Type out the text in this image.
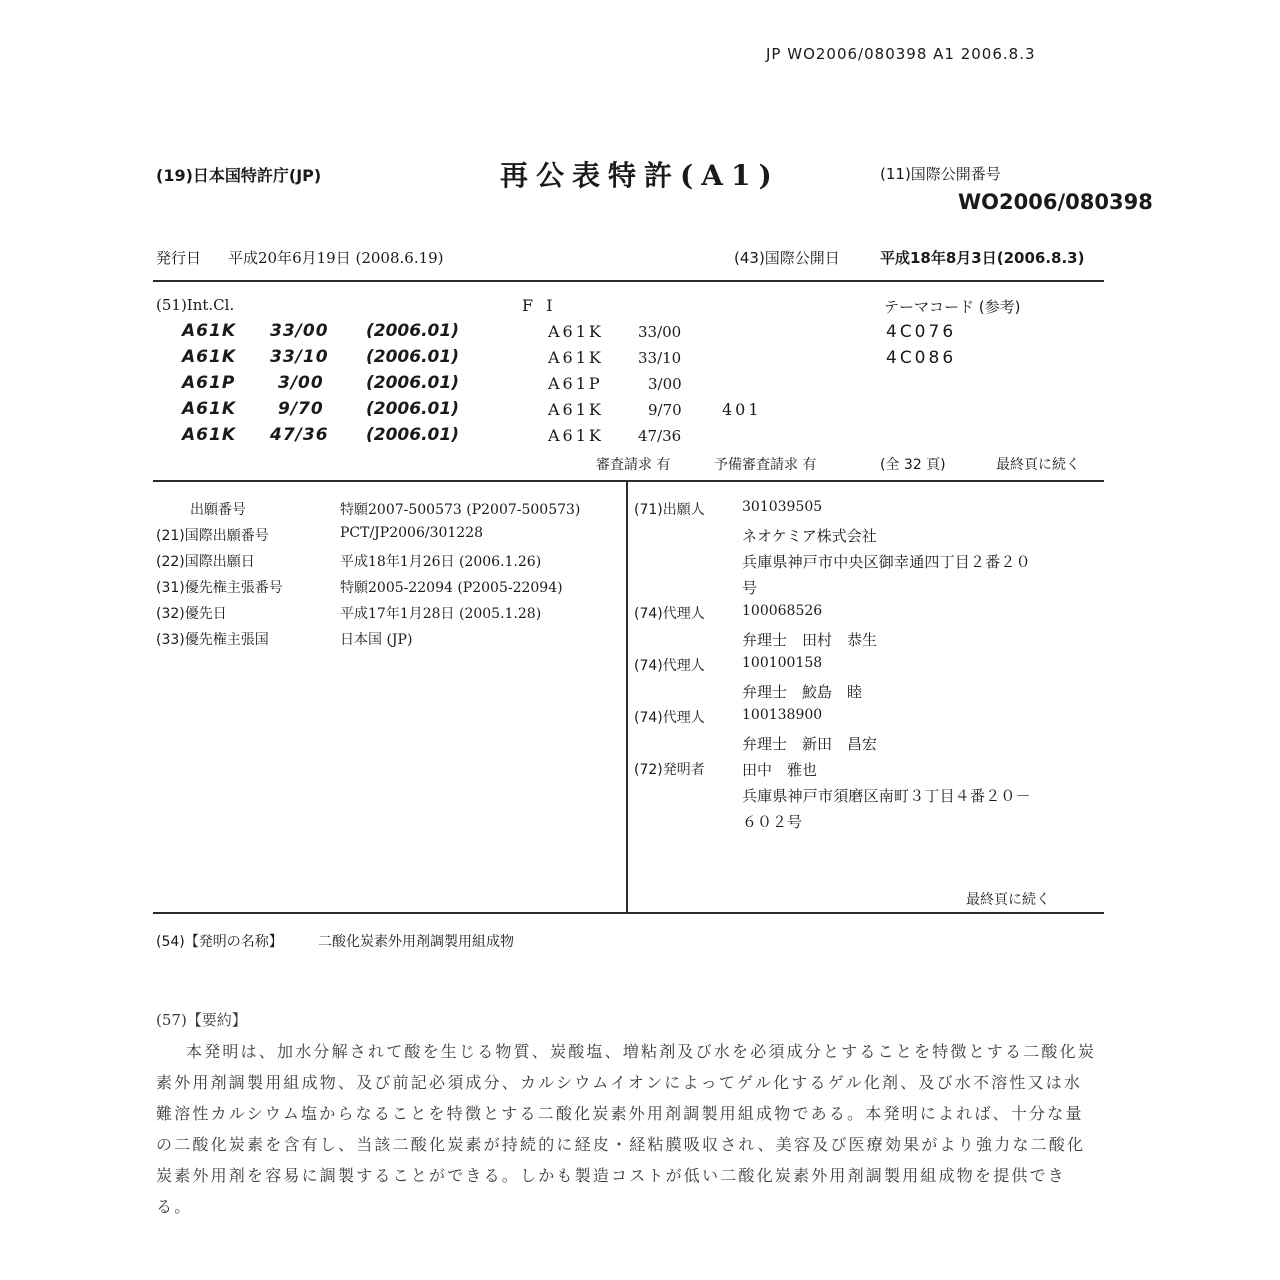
JP WO2006/080398 A1 2006.8.3
(19)日本国特許庁(JP)	再公表特許(A1)	(11)国際公開番号
WO2006/080398
発行日 平成20年6月19日 (2008.6.19)	(43)国際公開日	平成18年8月3日(2006.8.3)
(51)Int.Cl.	F I	テーマコード (参考)
A61K 33/00 (2006.01)
A61K 33/10 (2006.01)
A61P	3/00 (2006.01)
A61K 9/70 (2006.01)
A61K 47/36 (2006.01)
A61K 33/00
A61K 33/10
A61P	3/00
A61K	9/70	401
A61K 47/36
4C076
4C086
審査請求 有	予備審査請求 有	(全 32 頁)	最終頁に続く
出願番号	特願2007-500573 (P2007-500573)
(21)国際出願番号	PCT/JP2006/301228
(22)国際出願日	平成18年1月26日 (2006.1.26)
(31)優先権主張番号	特願2005-22094 (P2005-22094)
(32)優先日	平成17年1月28日 (2005.1.28)
(33)優先権主張国	日本国 (JP)
(71)出願人	301039505
ネオケミア株式会社
兵庫県神戸市中央区御幸通四丁目２番２０
号
(74)代理人	100068526
弁理士　田村　恭生
(74)代理人	100100158
弁理士　鮫島　睦
(74)代理人	100138900
弁理士　新田　昌宏
(72)発明者 田中　雅也
兵庫県神戸市須磨区南町３丁目４番２０－
６０２号
最終頁に続く
(54)【発明の名称】	二酸化炭素外用剤調製用組成物
(57)【要約】
本発明は、加水分解されて酸を生じる物質、炭酸塩、増粘剤及び水を必須成分とすることを特徴とする二酸化炭素外用剤調製用組成物、及び前記必須成分、カルシウムイオンによってゲル化するゲル化剤、及び水不溶性又は水難溶性カルシウム塩からなることを特徴とする二酸化炭素外用剤調製用組成物である。本発明によれば、十分な量の二酸化炭素を含有し、当該二酸化炭素が持続的に経皮・経粘膜吸収され、美容及び医療効果がより強力な二酸化炭素外用剤を容易に調製することができる。しかも製造コストが低い二酸化炭素外用剤調製用組成物を提供できる。
